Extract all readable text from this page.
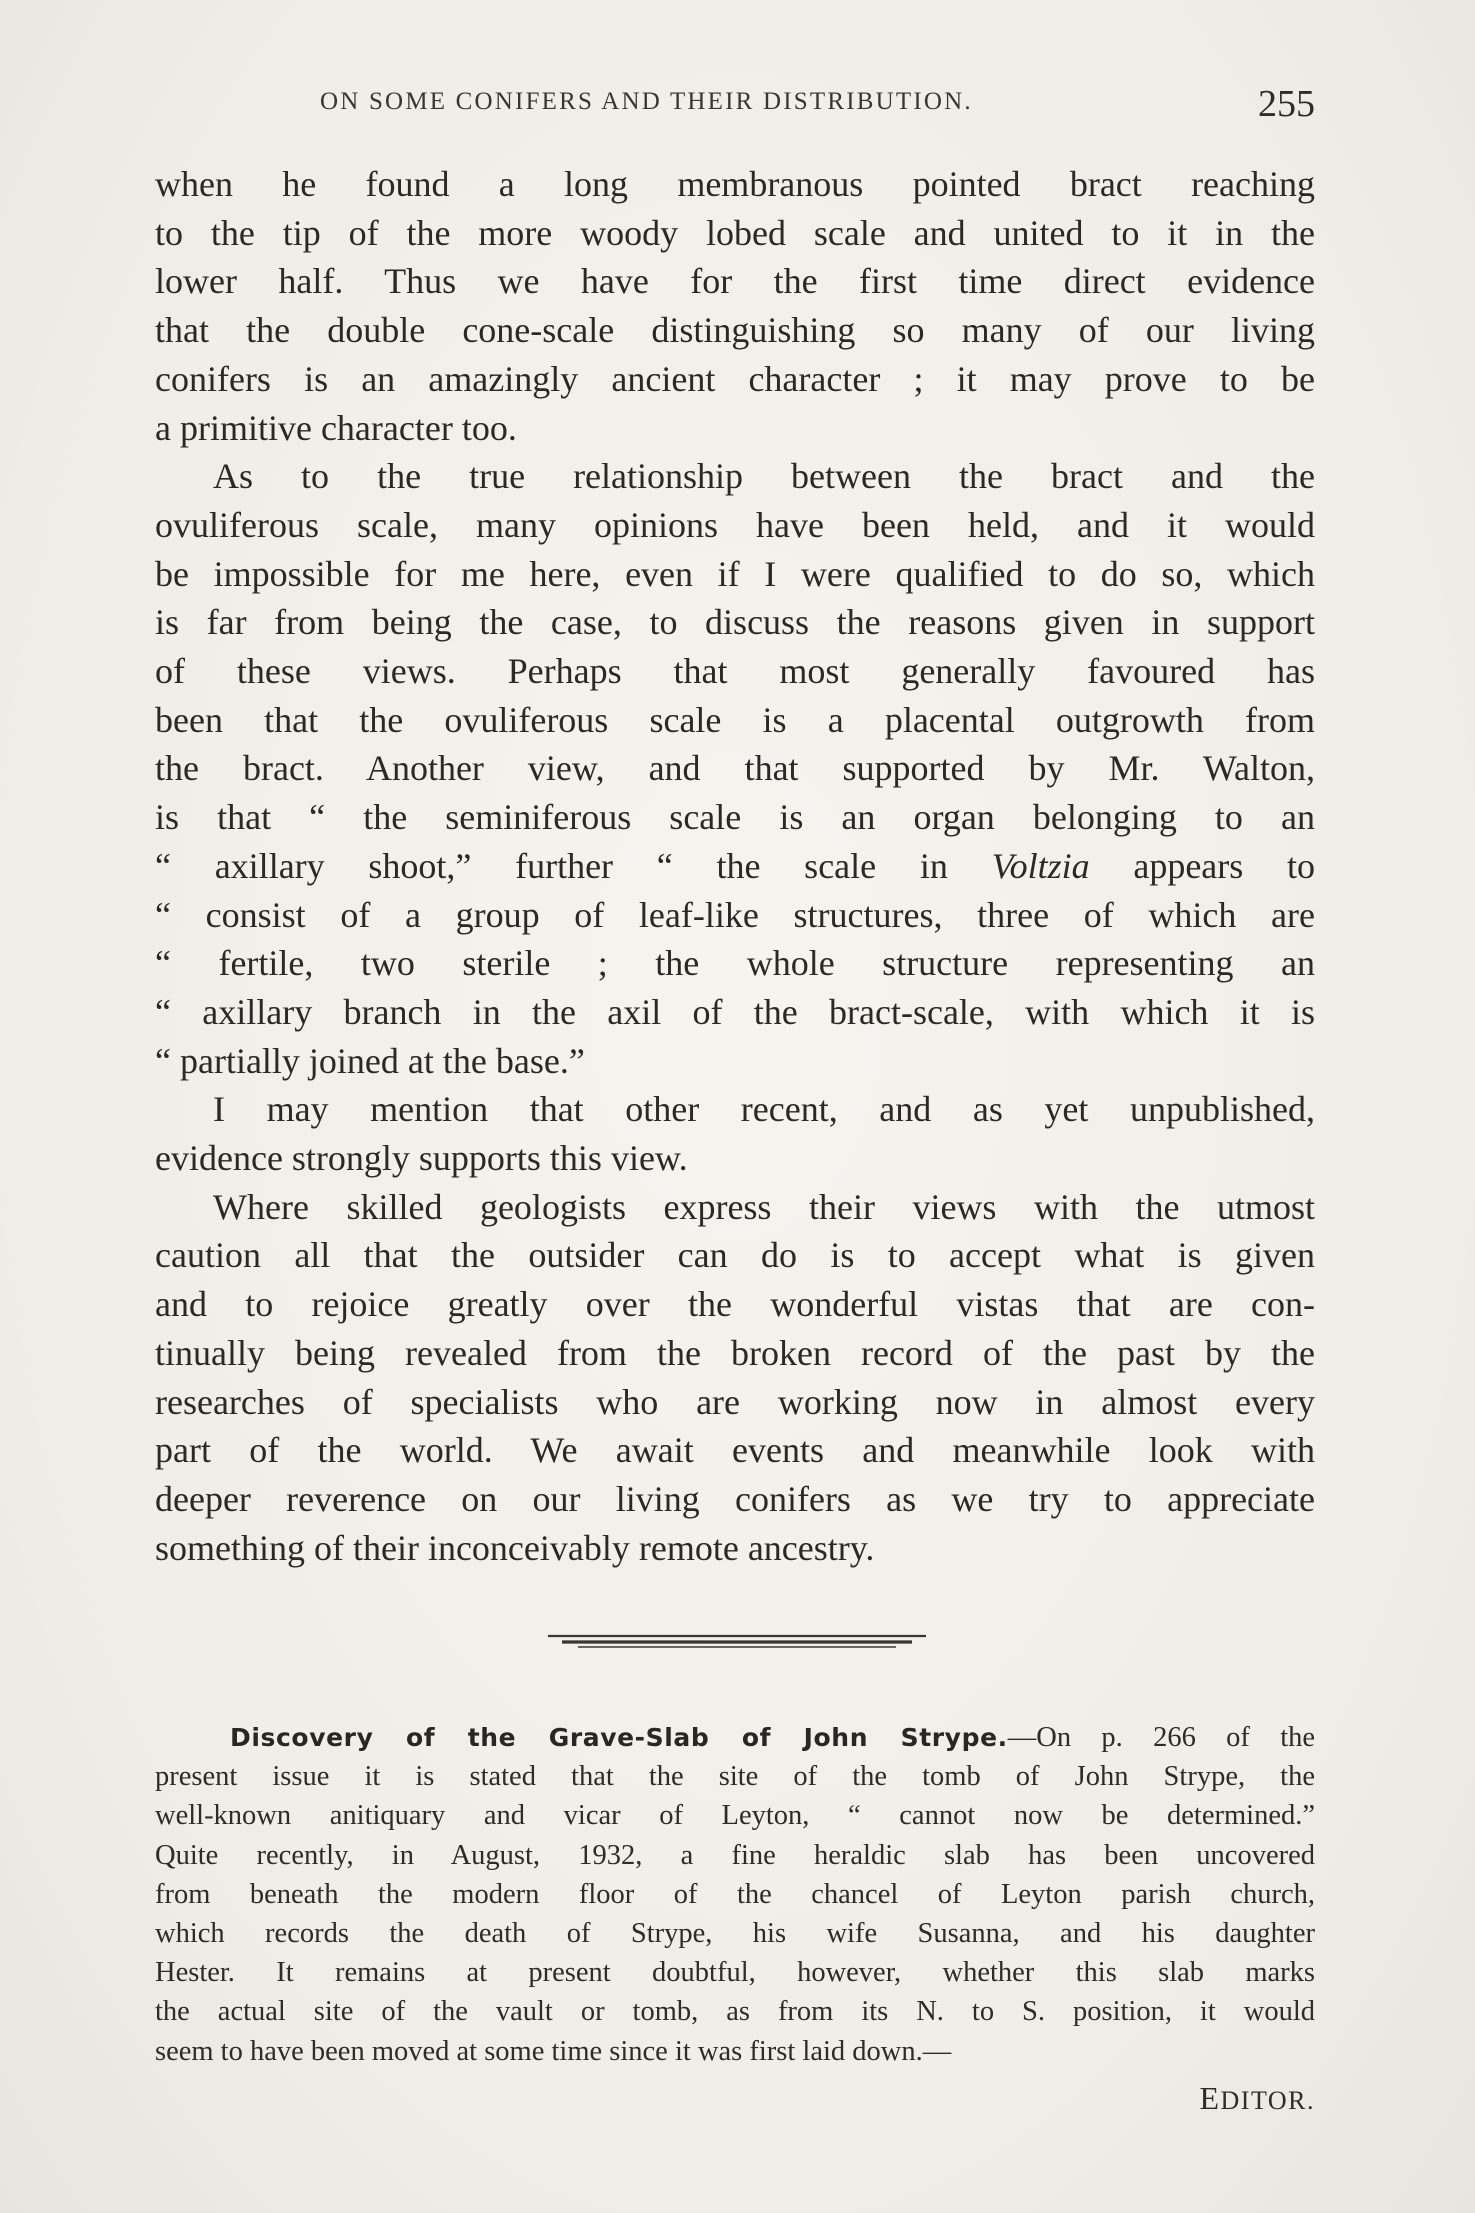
ON SOME CONIFERS AND THEIR DISTRIBUTION.	255

when he found a long membranous pointed bract reaching
to the tip of the more woody lobed scale and united to it in the
lower half. Thus we have for the first time direct evidence
that the double cone-scale distinguishing so many of our living
conifers is an amazingly ancient character ; it may prove to be
a primitive character too.

As to the true relationship between the bract and the
ovuliferous scale, many opinions have been held, and it would
be impossible for me here, even if I were qualified to do so, which
is far from being the case, to discuss the reasons given in support
of these views. Perhaps that most generally favoured has
been that the ovuliferous scale is a placental outgrowth from
the bract. Another view, and that supported by Mr. Walton,
is that “ the seminiferous scale is an organ belonging to an
“ axillary shoot,” further “ the scale in Voltzia appears to
“ consist of a group of leaf-like structures, three of which are
“ fertile, two sterile ; the whole structure representing an
“ axillary branch in the axil of the bract-scale, with which it is
“ partially joined at the base.”

I may mention that other recent, and as yet unpublished,
evidence strongly supports this view.

Where skilled geologists express their views with the utmost
caution all that the outsider can do is to accept what is given
and to rejoice greatly over the wonderful vistas that are con-
tinually being revealed from the broken record of the past by the
researches of specialists who are working now in almost every
part of the world. We await events and meanwhile look with
deeper reverence on our living conifers as we try to appreciate
something of their inconceivably remote ancestry.

Discovery of the Grave-Slab of John Strype.—On p. 266 of the
present issue it is stated that the site of the tomb of John Strype, the
well-known anitiquary and vicar of Leyton, “ cannot now be determined.”
Quite recently, in August, 1932, a fine heraldic slab has been uncovered
from beneath the modern floor of the chancel of Leyton parish church,
which records the death of Strype, his wife Susanna, and his daughter
Hester. It remains at present doubtful, however, whether this slab marks
the actual site of the vault or tomb, as from its N. to S. position, it would
seem to have been moved at some time since it was first laid down.—
EDITOR.
